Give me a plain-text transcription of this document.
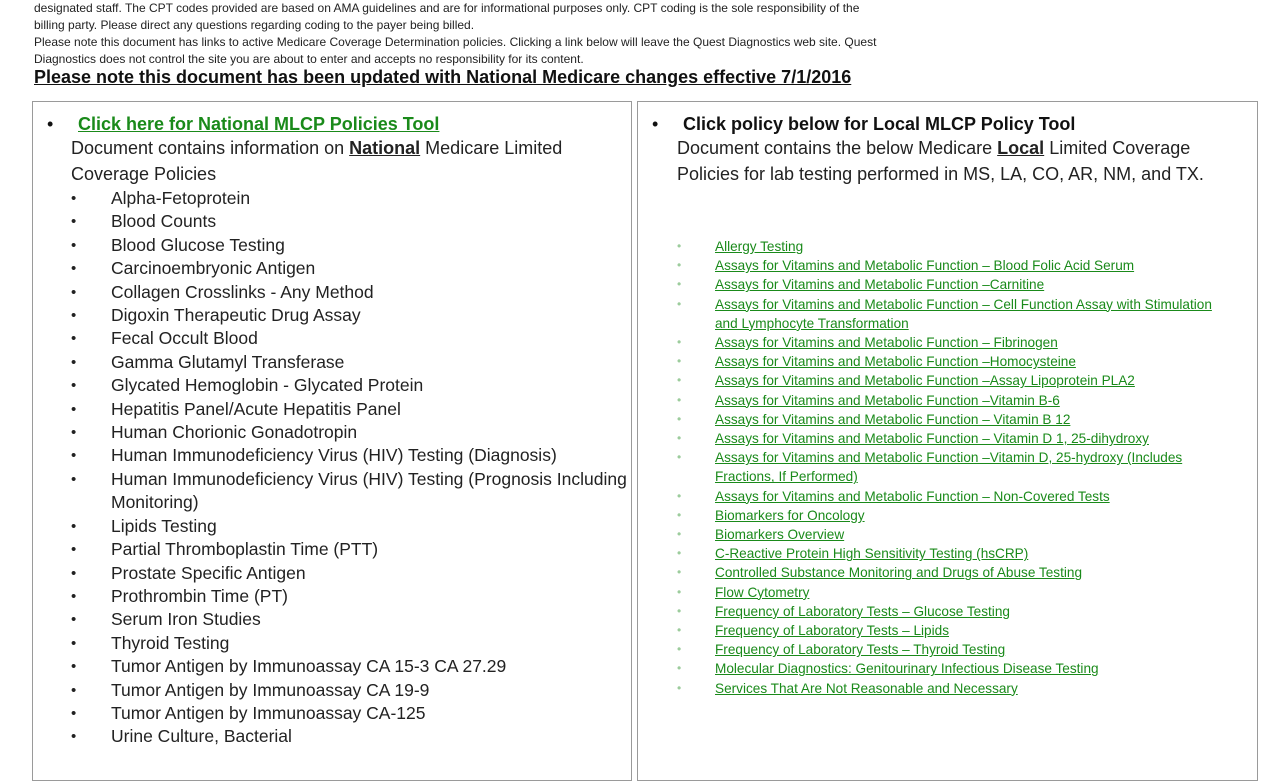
designated staff. The CPT codes provided are based on AMA guidelines and are for informational purposes only. CPT coding is the sole responsibility of the

billing party. Please direct any questions regarding coding to the payer being billed.

Please note this document has links to active Medicare Coverage Determination policies. Clicking a link below will leave the Quest Diagnostics web site. Quest

Diagnostics does not control the site you are about to enter and accepts no responsibility for its content.

Please note this document has been updated with National Medicare changes effective 7/1/2016
• Click here for National MLCP Policies Tool
Document contains information on National Medicare Limited Coverage Policies
• Alpha-Fetoprotein
• Blood Counts
• Blood Glucose Testing
• Carcinoembryonic Antigen
• Collagen Crosslinks - Any Method
• Digoxin Therapeutic Drug Assay
• Fecal Occult Blood
• Gamma Glutamyl Transferase
• Glycated Hemoglobin - Glycated Protein
• Hepatitis Panel/Acute Hepatitis Panel
• Human Chorionic Gonadotropin
• Human Immunodeficiency Virus (HIV) Testing (Diagnosis)
• Human Immunodeficiency Virus (HIV) Testing (Prognosis Including Monitoring)
• Lipids Testing
• Partial Thromboplastin Time (PTT)
• Prostate Specific Antigen
• Prothrombin Time (PT)
• Serum Iron Studies
• Thyroid Testing
• Tumor Antigen by Immunoassay CA 15-3 CA 27.29
• Tumor Antigen by Immunoassay CA 19-9
• Tumor Antigen by Immunoassay CA-125
• Urine Culture, Bacterial
• Click policy below for Local MLCP Policy Tool
Document contains the below Medicare Local Limited Coverage Policies for lab testing performed in MS, LA, CO, AR, NM, and TX.
• Allergy Testing
• Assays for Vitamins and Metabolic Function – Blood Folic Acid Serum
• Assays for Vitamins and Metabolic Function –Carnitine
• Assays for Vitamins and Metabolic Function – Cell Function Assay with Stimulation and Lymphocyte Transformation
• Assays for Vitamins and Metabolic Function – Fibrinogen
• Assays for Vitamins and Metabolic Function –Homocysteine
• Assays for Vitamins and Metabolic Function –Assay Lipoprotein PLA2
• Assays for Vitamins and Metabolic Function –Vitamin B-6
• Assays for Vitamins and Metabolic Function – Vitamin B 12
• Assays for Vitamins and Metabolic Function – Vitamin D 1, 25-dihydroxy
• Assays for Vitamins and Metabolic Function –Vitamin D, 25-hydroxy (Includes Fractions, If Performed)
• Assays for Vitamins and Metabolic Function – Non-Covered Tests
• Biomarkers for Oncology
• Biomarkers Overview
• C-Reactive Protein High Sensitivity Testing (hsCRP)
• Controlled Substance Monitoring and Drugs of Abuse Testing
• Flow Cytometry
• Frequency of Laboratory Tests – Glucose Testing
• Frequency of Laboratory Tests – Lipids
• Frequency of Laboratory Tests – Thyroid Testing
• Molecular Diagnostics: Genitourinary Infectious Disease Testing
• Services That Are Not Reasonable and Necessary
